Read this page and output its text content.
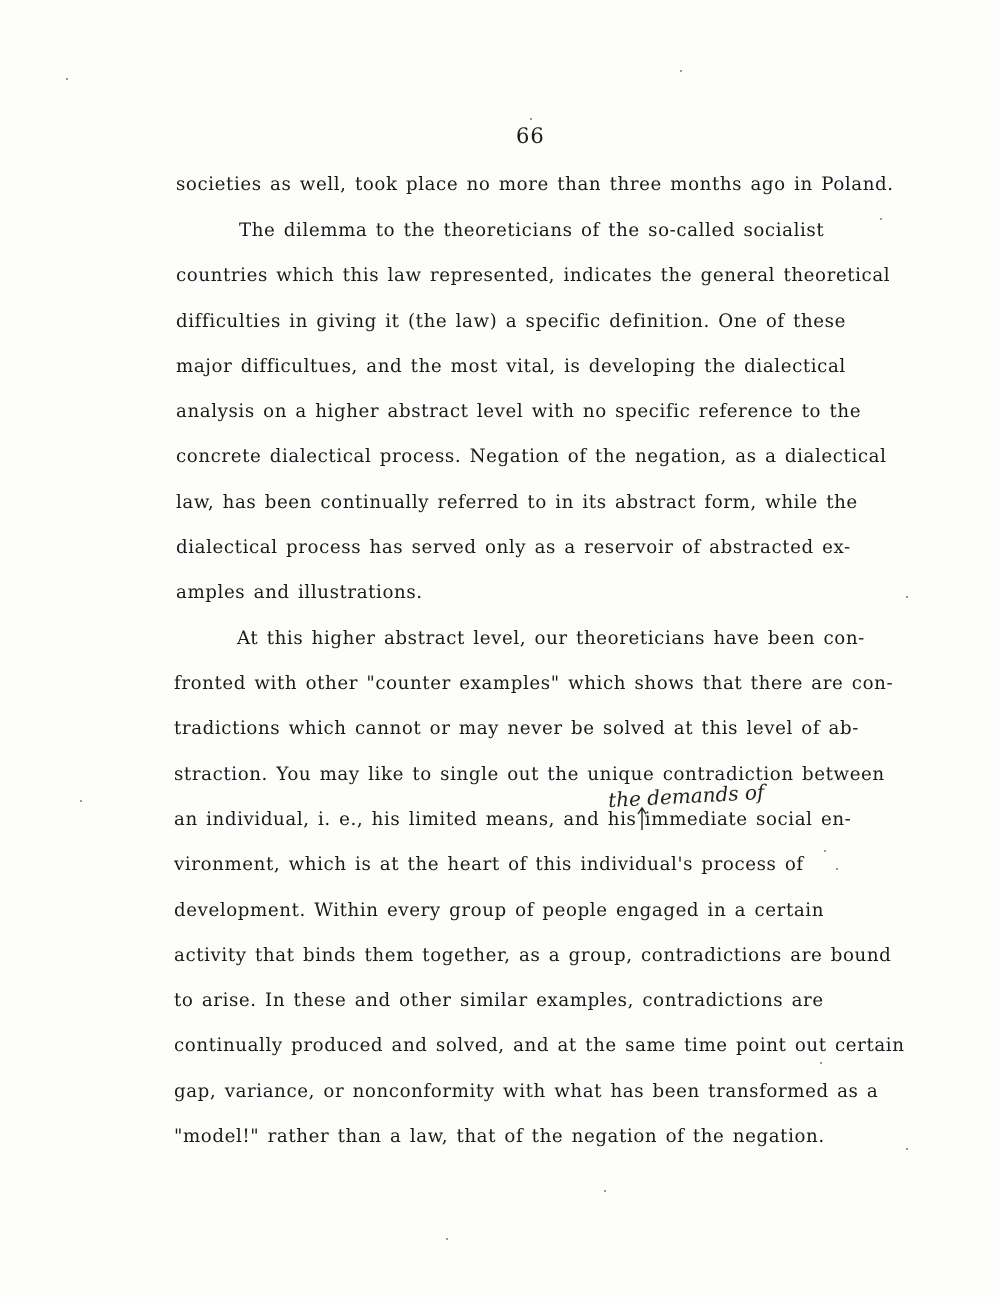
66
societies as well, took place no more than three months ago in Poland.
The dilemma to the theoreticians of the so-called socialist
countries which this law represented, indicates the general theoretical
difficulties in giving it (the law) a specific definition. One of these
major difficultues, and the most vital, is developing the dialectical
analysis on a higher abstract level with no specific reference to the
concrete dialectical process. Negation of the negation, as a dialectical
law, has been continually referred to in its abstract form, while the
dialectical process has served only as a reservoir of abstracted ex-
amples and illustrations.
At this higher abstract level, our theoreticians have been con-
fronted with other "counter examples" which shows that there are con-
tradictions which cannot or may never be solved at this level of ab-
straction. You may like to single out the unique contradiction between
an individual, i. e., his limited means, and his immediate social en-
vironment, which is at the heart of this individual's process of
development. Within every group of people engaged in a certain
activity that binds them together, as a group, contradictions are bound
to arise. In these and other similar examples, contradictions are
continually produced and solved, and at the same time point out certain
gap, variance, or nonconformity with what has been transformed as a
"model!" rather than a law, that of the negation of the negation.
the demands of
